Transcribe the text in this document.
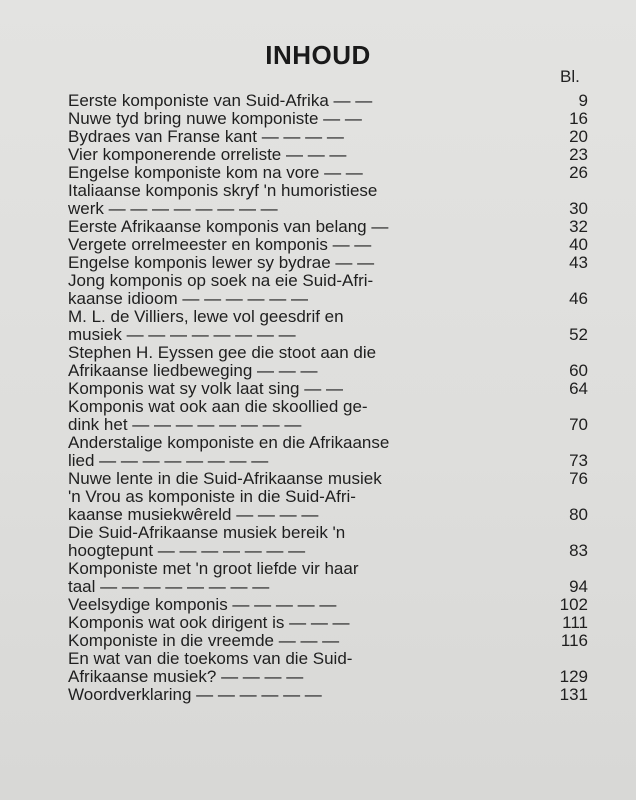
INHOUD
Bl.
Eerste komponiste van Suid-Afrika — —	9
Nuwe tyd bring nuwe komponiste — —	16
Bydraes van Franse kant — — — —	20
Vier komponerende orreliste — — —	23
Engelse komponiste kom na vore — —	26
Italiaanse komponis skryf 'n humoristiese
werk — — — — — — — —	30
Eerste Afrikaanse komponis van belang —	32
Vergete orrelmeester en komponis — —	40
Engelse komponis lewer sy bydrae — —	43
Jong komponis op soek na eie Suid-Afri-
kaanse idioom — — — — — —	46
M. L. de Villiers, lewe vol geesdrif en
musiek — — — — — — — —	52
Stephen H. Eyssen gee die stoot aan die
Afrikaanse liedbeweging — — —	60
Komponis wat sy volk laat sing — —	64
Komponis wat ook aan die skoollied ge-
dink het — — — — — — — —	70
Anderstalige komponiste en die Afrikaanse
lied — — — — — — — —	73
Nuwe lente in die Suid-Afrikaanse musiek	76
'n Vrou as komponiste in die Suid-Afri-
kaanse musiekwêreld — — — —	80
Die Suid-Afrikaanse musiek bereik 'n
hoogtepunt — — — — — — —	83
Komponiste met 'n groot liefde vir haar
taal — — — — — — — —	94
Veelsydige komponis — — — — —	102
Komponis wat ook dirigent is — — —	111
Komponiste in die vreemde — — —	116
En wat van die toekoms van die Suid-
Afrikaanse musiek? — — — —	129
Woordverklaring — — — — — —	131
